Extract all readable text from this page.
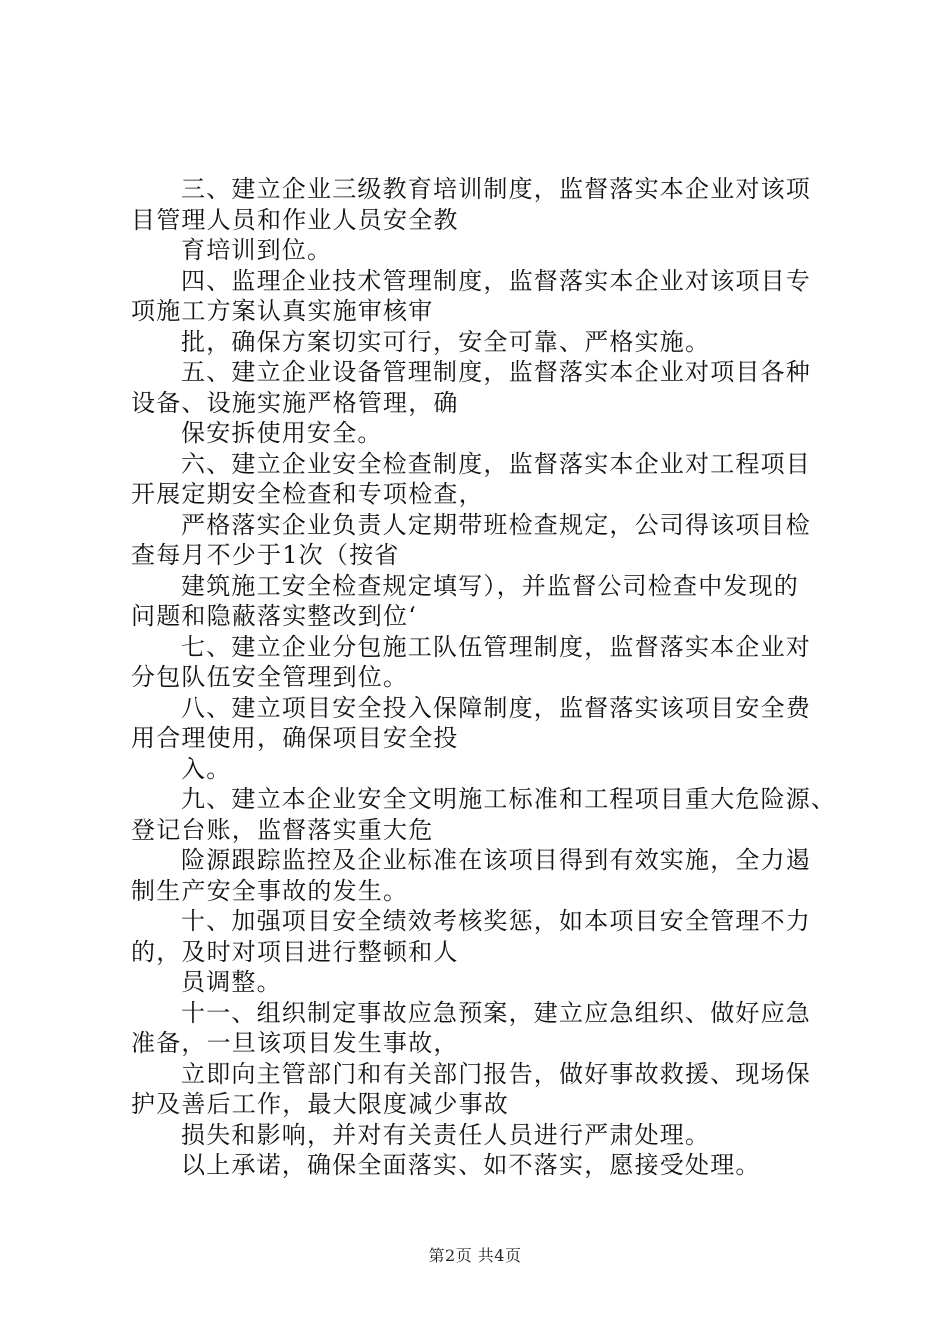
三、建立企业三级教育培训制度，监督落实本企业对该项
目管理人员和作业人员安全教
育培训到位。
四、监理企业技术管理制度，监督落实本企业对该项目专
项施工方案认真实施审核审
批，确保方案切实可行，安全可靠、严格实施。
五、建立企业设备管理制度，监督落实本企业对项目各种
设备、设施实施严格管理，确
保安拆使用安全。
六、建立企业安全检查制度，监督落实本企业对工程项目
开展定期安全检查和专项检查，
严格落实企业负责人定期带班检查规定，公司得该项目检
查每月不少于1次（按省
建筑施工安全检查规定填写），并监督公司检查中发现的
问题和隐蔽落实整改到位‘
七、建立企业分包施工队伍管理制度，监督落实本企业对
分包队伍安全管理到位。
八、建立项目安全投入保障制度，监督落实该项目安全费
用合理使用，确保项目安全投
入。
九、建立本企业安全文明施工标准和工程项目重大危险源、
登记台账，监督落实重大危
险源跟踪监控及企业标准在该项目得到有效实施，全力遏
制生产安全事故的发生。
十、加强项目安全绩效考核奖惩，如本项目安全管理不力
的，及时对项目进行整顿和人
员调整。
十一、组织制定事故应急预案，建立应急组织、做好应急
准备，一旦该项目发生事故，
立即向主管部门和有关部门报告，做好事故救援、现场保
护及善后工作，最大限度减少事故
损失和影响，并对有关责任人员进行严肃处理。
以上承诺，确保全面落实、如不落实，愿接受处理。
第2页 共4页
